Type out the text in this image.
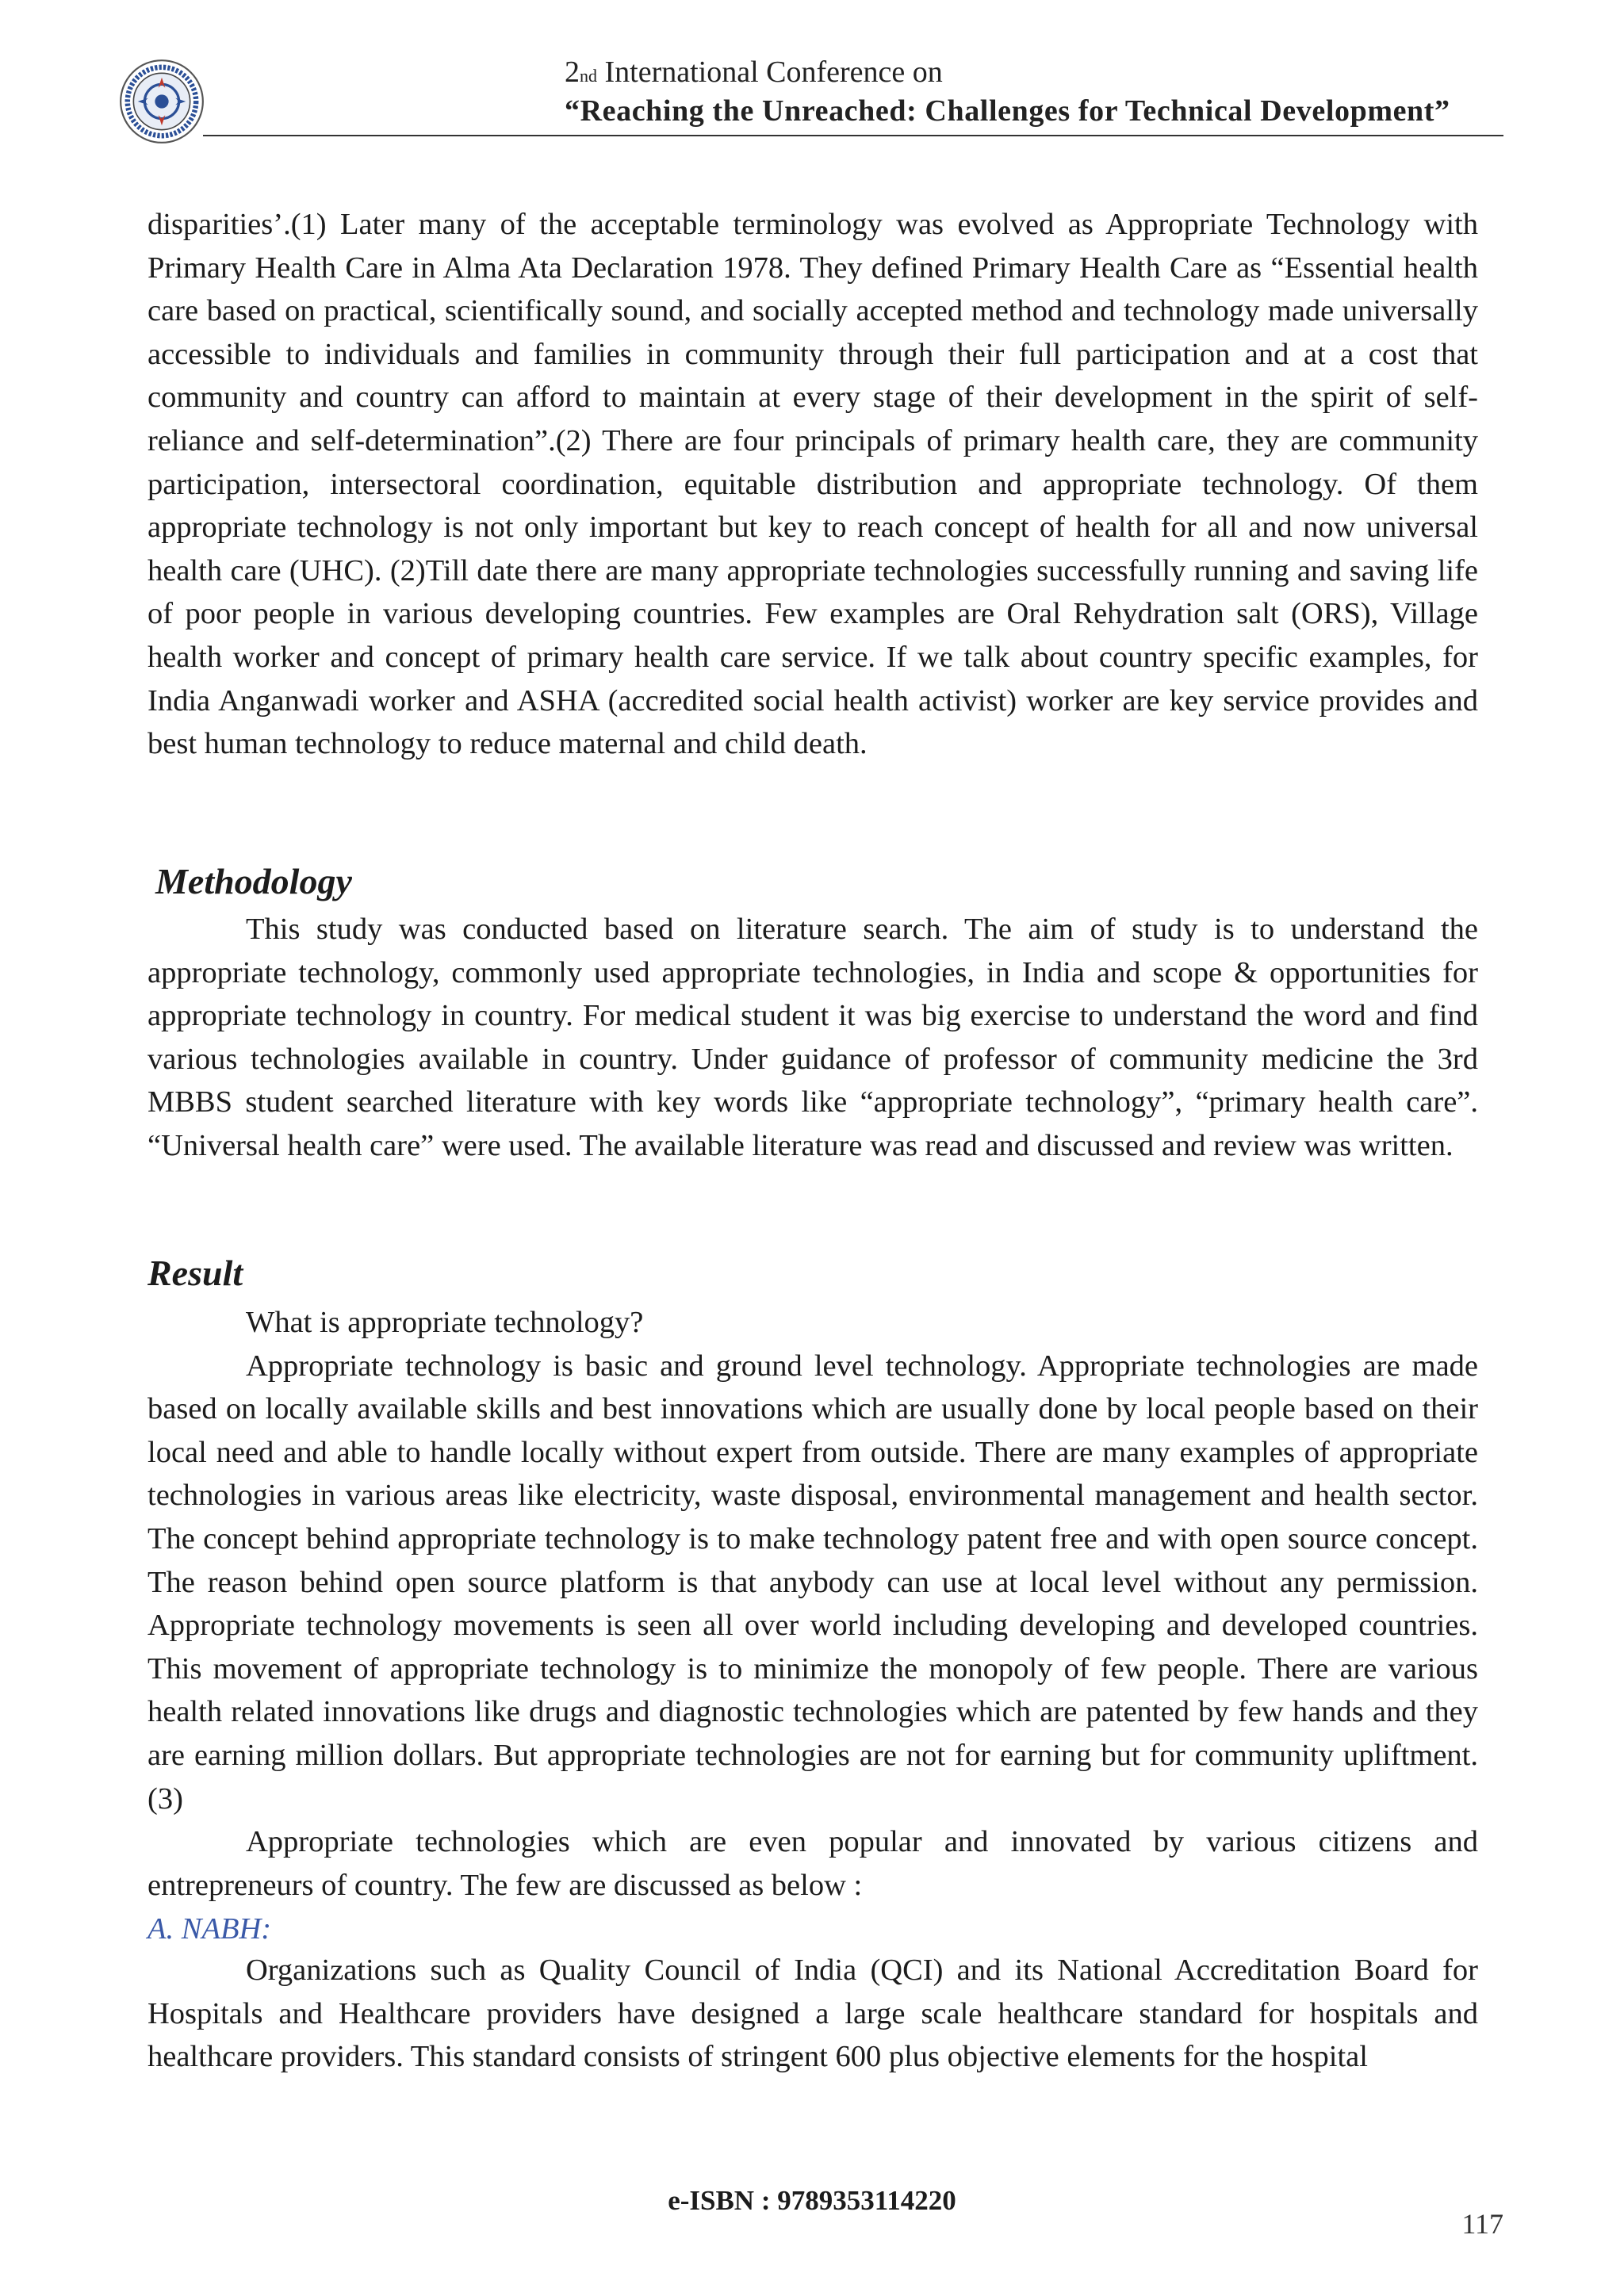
2nd International Conference on
“Reaching the Unreached: Challenges for Technical Development”

disparities’.(1) Later many of the acceptable terminology was evolved as Appropriate Technology with Primary Health Care in Alma Ata Declaration 1978. They defined Primary Health Care as “Essential health care based on practical, scientifically sound, and socially accepted method and technology made universally accessible to individuals and families in community through their full participation and at a cost that community and country can afford to maintain at every stage of their development in the spirit of self-reliance and self-determination”.(2) There are four principals of primary health care, they are community participation, intersectoral coordination, equitable distribution and appropriate technology. Of them appropriate technology is not only important but key to reach concept of health for all and now universal health care (UHC). (2)Till date there are many appropriate technologies successfully running and saving life of poor people in various developing countries. Few examples are Oral Rehydration salt (ORS), Village health worker and concept of primary health care service. If we talk about country specific examples, for India Anganwadi worker and ASHA (accredited social health activist) worker are key service provides and best human technology to reduce maternal and child death.

Methodology

This study was conducted based on literature search. The aim of study is to understand the appropriate technology, commonly used appropriate technologies, in India and scope & opportunities for appropriate technology in country. For medical student it was big exercise to understand the word and find various technologies available in country. Under guidance of professor of community medicine the 3rd MBBS student searched literature with key words like “appropriate technology”, “primary health care”. “Universal health care” were used. The available literature was read and discussed and review was written.

Result

What is appropriate technology?

Appropriate technology is basic and ground level technology. Appropriate technologies are made based on locally available skills and best innovations which are usually done by local people based on their local need and able to handle locally without expert from outside. There are many examples of appropriate technologies in various areas like electricity, waste disposal, environmental management and health sector. The concept behind appropriate technology is to make technology patent free and with open source concept. The reason behind open source platform is that anybody can use at local level without any permission. Appropriate technology movements is seen all over world including developing and developed countries. This movement of appropriate technology is to minimize the monopoly of few people. There are various health related innovations like drugs and diagnostic technologies which are patented by few hands and they are earning million dollars. But appropriate technologies are not for earning but for community upliftment.(3)

Appropriate technologies which are even popular and innovated by various citizens and entrepreneurs of country. The few are discussed as below :

A. NABH:

Organizations such as Quality Council of India (QCI) and its National Accreditation Board for Hospitals and Healthcare providers have designed a large scale healthcare standard for hospitals and healthcare providers. This standard consists of stringent 600 plus objective elements for the hospital

e-ISBN : 9789353114220
117
